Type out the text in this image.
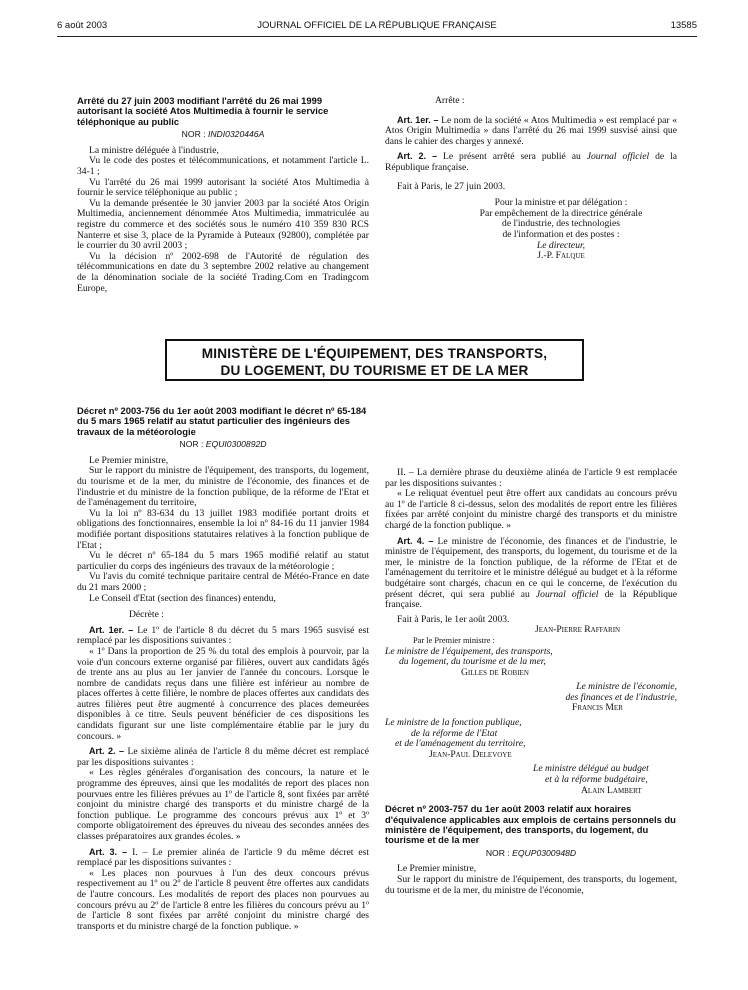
6 août 2003	JOURNAL OFFICIEL DE LA RÉPUBLIQUE FRANÇAISE	13585

Arrêté du 27 juin 2003 modifiant l'arrêté du 26 mai 1999 autorisant la société Atos Multimedia à fournir le service téléphonique au public

NOR : INDI0320446A

La ministre déléguée à l'industrie,

Vu le code des postes et télécommunications, et notamment l'article L. 34-1 ;

Vu l'arrêté du 26 mai 1999 autorisant la société Atos Multimedia à fournir le service téléphonique au public ;

Vu la demande présentée le 30 janvier 2003 par la société Atos Origin Multimedia, anciennement dénommée Atos Multimedia, immatriculée au registre du commerce et des sociétés sous le numéro 410 359 830 RCS Nanterre et sise 3, place de la Pyramide à Puteaux (92800), complétée par le courrier du 30 avril 2003 ;

Vu la décision nº 2002-698 de l'Autorité de régulation des télécommunications en date du 3 septembre 2002 relative au changement de la dénomination sociale de la société Trading.Com en Tradingcom Europe,

Arrête :

Art. 1er. – Le nom de la société « Atos Multimedia » est remplacé par « Atos Origin Multimedia » dans l'arrêté du 26 mai 1999 susvisé ainsi que dans le cahier des charges y annexé.

Art. 2. – Le présent arrêté sera publié au Journal officiel de la République française.

Fait à Paris, le 27 juin 2003.

Pour la ministre et par délégation :

Par empêchement de la directrice générale

de l'industrie, des technologies

de l'information et des postes :

Le directeur,

J.-P. Falque

MINISTÈRE DE L'ÉQUIPEMENT, DES TRANSPORTS,
DU LOGEMENT, DU TOURISME ET DE LA MER

Décret nº 2003-756 du 1er août 2003 modifiant le décret nº 65-184 du 5 mars 1965 relatif au statut particulier des ingénieurs des travaux de la météorologie

NOR : EQUI0300892D

Le Premier ministre,

Sur le rapport du ministre de l'équipement, des transports, du logement, du tourisme et de la mer, du ministre de l'économie, des finances et de l'industrie et du ministre de la fonction publique, de la réforme de l'Etat et de l'aménagement du territoire,

Vu la loi nº 83-634 du 13 juillet 1983 modifiée portant droits et obligations des fonctionnaires, ensemble la loi nº 84-16 du 11 janvier 1984 modifiée portant dispositions statutaires relatives à la fonction publique de l'Etat ;

Vu le décret nº 65-184 du 5 mars 1965 modifié relatif au statut particulier du corps des ingénieurs des travaux de la météorologie ;

Vu l'avis du comité technique paritaire central de Météo-France en date du 21 mars 2000 ;

Le Conseil d'Etat (section des finances) entendu,

Décrète :

Art. 1er. – Le 1º de l'article 8 du décret du 5 mars 1965 susvisé est remplacé par les dispositions suivantes :

« 1º Dans la proportion de 25 % du total des emplois à pourvoir, par la voie d'un concours externe organisé par filières, ouvert aux candidats âgés de trente ans au plus au 1er janvier de l'année du concours. Lorsque le nombre de candidats reçus dans une filière est inférieur au nombre de places offertes à cette filière, le nombre de places offertes aux candidats des autres filières peut être augmenté à concurrence des places demeurées disponibles à ce titre. Seuls peuvent bénéficier de ces dispositions les candidats figurant sur une liste complémentaire établie par le jury du concours. »

Art. 2. – Le sixième alinéa de l'article 8 du même décret est remplacé par les dispositions suivantes :

« Les règles générales d'organisation des concours, la nature et le programme des épreuves, ainsi que les modalités de report des places non pourvues entre les filières prévues au 1º de l'article 8, sont fixées par arrêté conjoint du ministre chargé des transports et du ministre chargé de la fonction publique. Le programme des concours prévus aux 1º et 3º comporte obligatoirement des épreuves du niveau des secondes années des classes préparatoires aux grandes écoles. »

Art. 3. – I. – Le premier alinéa de l'article 9 du même décret est remplacé par les dispositions suivantes :

« Les places non pourvues à l'un des deux concours prévus respectivement au 1º ou 2º de l'article 8 peuvent être offertes aux candidats de l'autre concours. Les modalités de report des places non pourvues au concours prévu au 2º de l'article 8 entre les filières du concours prévu au 1º de l'article 8 sont fixées par arrêté conjoint du ministre chargé des transports et du ministre chargé de la fonction publique. »

II. – La dernière phrase du deuxième alinéa de l'article 9 est remplacée par les dispositions suivantes :

« Le reliquat éventuel peut être offert aux candidats au concours prévu au 1º de l'article 8 ci-dessus, selon des modalités de report entre les filières fixées par arrêté conjoint du ministre chargé des transports et du ministre chargé de la fonction publique. »

Art. 4. – Le ministre de l'économie, des finances et de l'industrie, le ministre de l'équipement, des transports, du logement, du tourisme et de la mer, le ministre de la fonction publique, de la réforme de l'Etat et de l'aménagement du territoire et le ministre délégué au budget et à la réforme budgétaire sont chargés, chacun en ce qui le concerne, de l'exécution du présent décret, qui sera publié au Journal officiel de la République française.

Fait à Paris, le 1er août 2003.

Jean-Pierre Raffarin

Par le Premier ministre :

Le ministre de l'équipement, des transports,

du logement, du tourisme et de la mer,

Gilles de Robien

Le ministre de l'économie,

des finances et de l'industrie,

Francis Mer

Le ministre de la fonction publique,

de la réforme de l'Etat

et de l'aménagement du territoire,

Jean-Paul Delevoye

Le ministre délégué au budget

et à la réforme budgétaire,

Alain Lambert

Décret nº 2003-757 du 1er août 2003 relatif aux horaires d'équivalence applicables aux emplois de certains personnels du ministère de l'équipement, des transports, du logement, du tourisme et de la mer

NOR : EQUP0300948D

Le Premier ministre,

Sur le rapport du ministre de l'équipement, des transports, du logement, du tourisme et de la mer, du ministre de l'économie,
